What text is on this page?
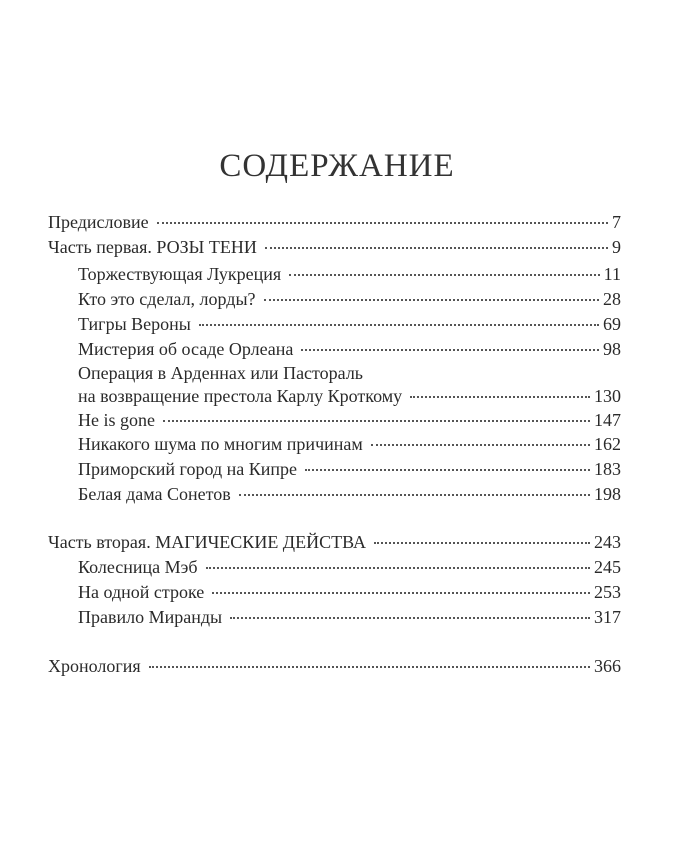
СОДЕРЖАНИЕ
Предисловие	7
Часть первая. РОЗЫ ТЕНИ	9
Торжествующая Лукреция	11
Кто это сделал, лорды?	28
Тигры Вероны	69
Мистерия об осаде Орлеана	98
Операция в Арденнах или Пастораль
на возвращение престола Карлу Кроткому	130
He is gone	147
Никакого шума по многим причинам	162
Приморский город на Кипре	183
Белая дама Сонетов	198
Часть вторая. МАГИЧЕСКИЕ ДЕЙСТВА	243
Колесница Мэб	245
На одной строке	253
Правило Миранды	317
Хронология	366
